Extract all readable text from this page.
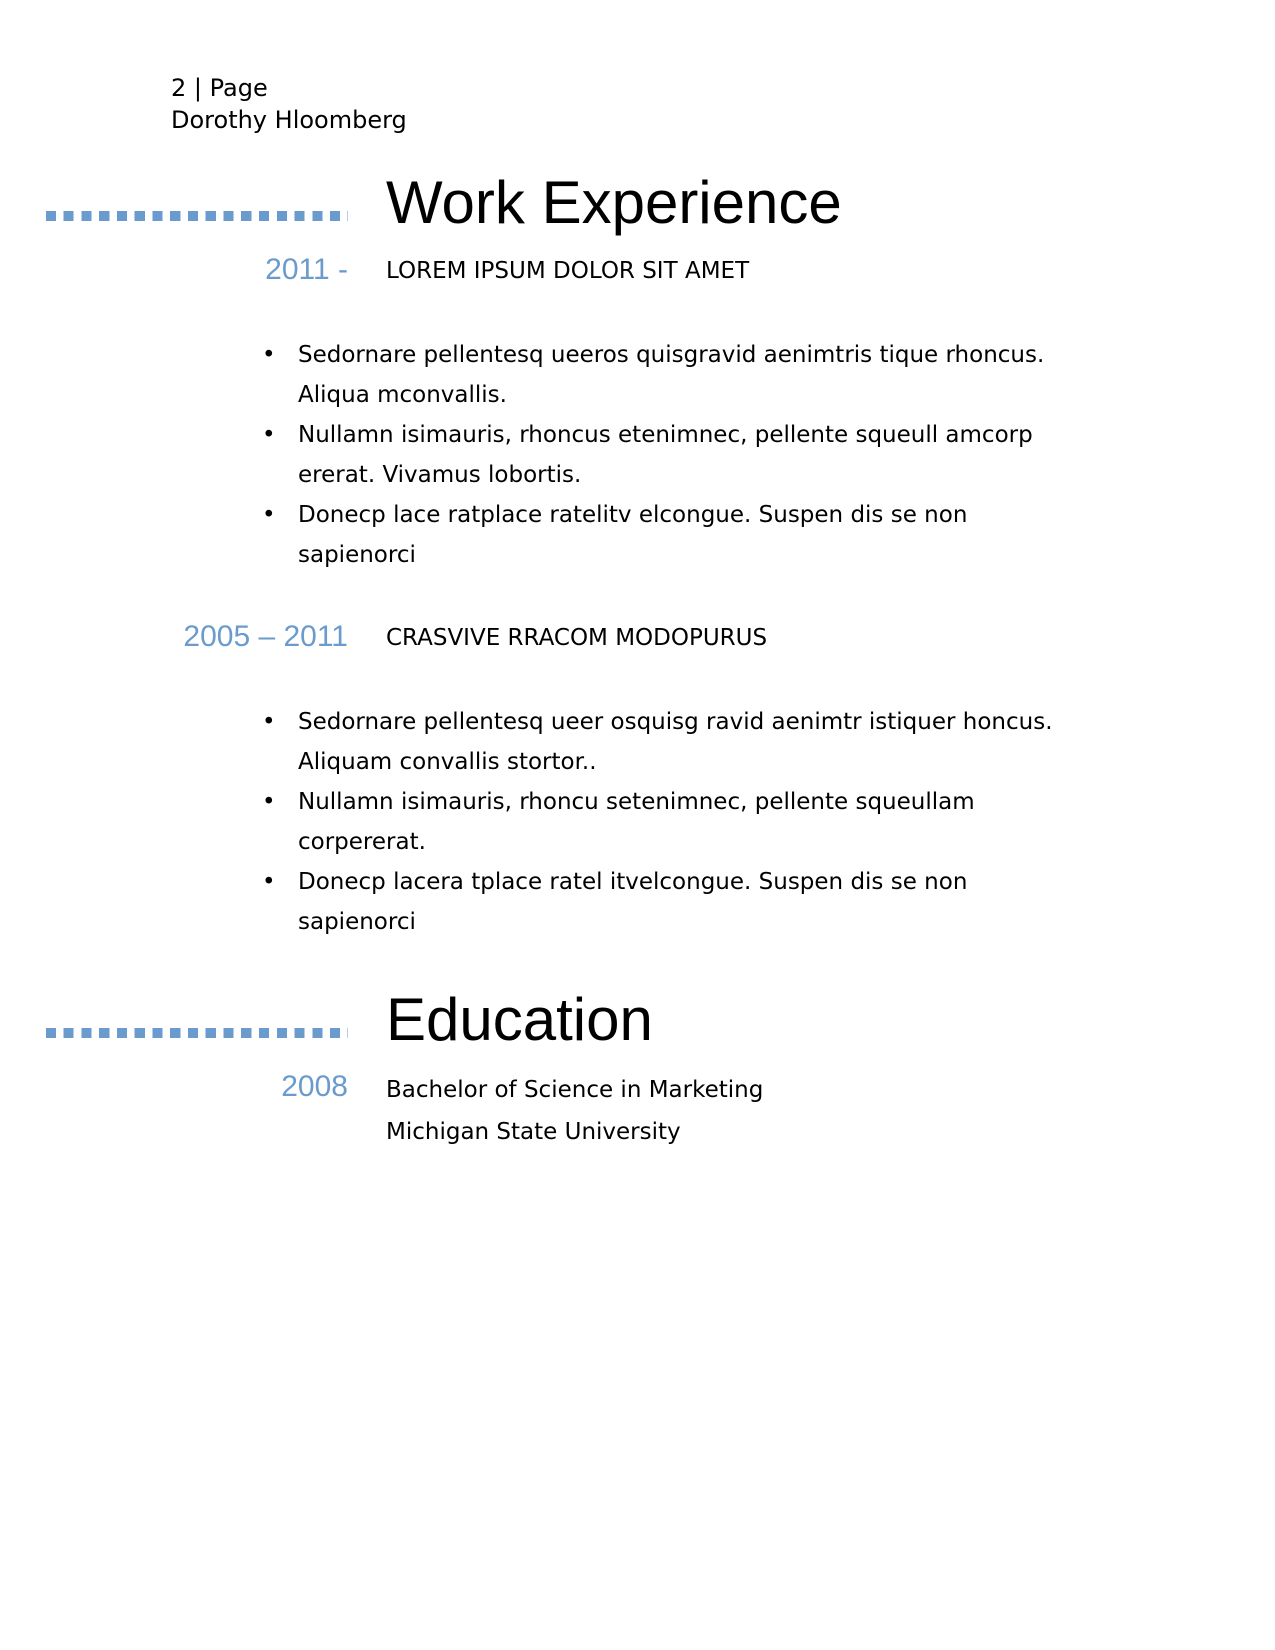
2 | Page
Dorothy Hloomberg
Work Experience
2011 - LOREM IPSUM DOLOR SIT AMET
• Sedornare pellentesq ueeros quisgravid aenimtris tique rhoncus. Aliqua mconvallis.
• Nullamn isimauris, rhoncus etenimnec, pellente squeull amcorp ererat. Vivamus lobortis.
• Donecp lace ratplace ratelitv elcongue. Suspen dis se non sapienorci
2005 – 2011 CRASVIVE RRACOM MODOPURUS
• Sedornare pellentesq ueer osquisg ravid aenimtr istiquer honcus. Aliquam convallis stortor..
• Nullamn isimauris, rhoncu setenimnec, pellente squeullam corpererat.
• Donecp lacera tplace ratel itvelcongue. Suspen dis se non sapienorci
Education
2008 Bachelor of Science in Marketing
Michigan State University
